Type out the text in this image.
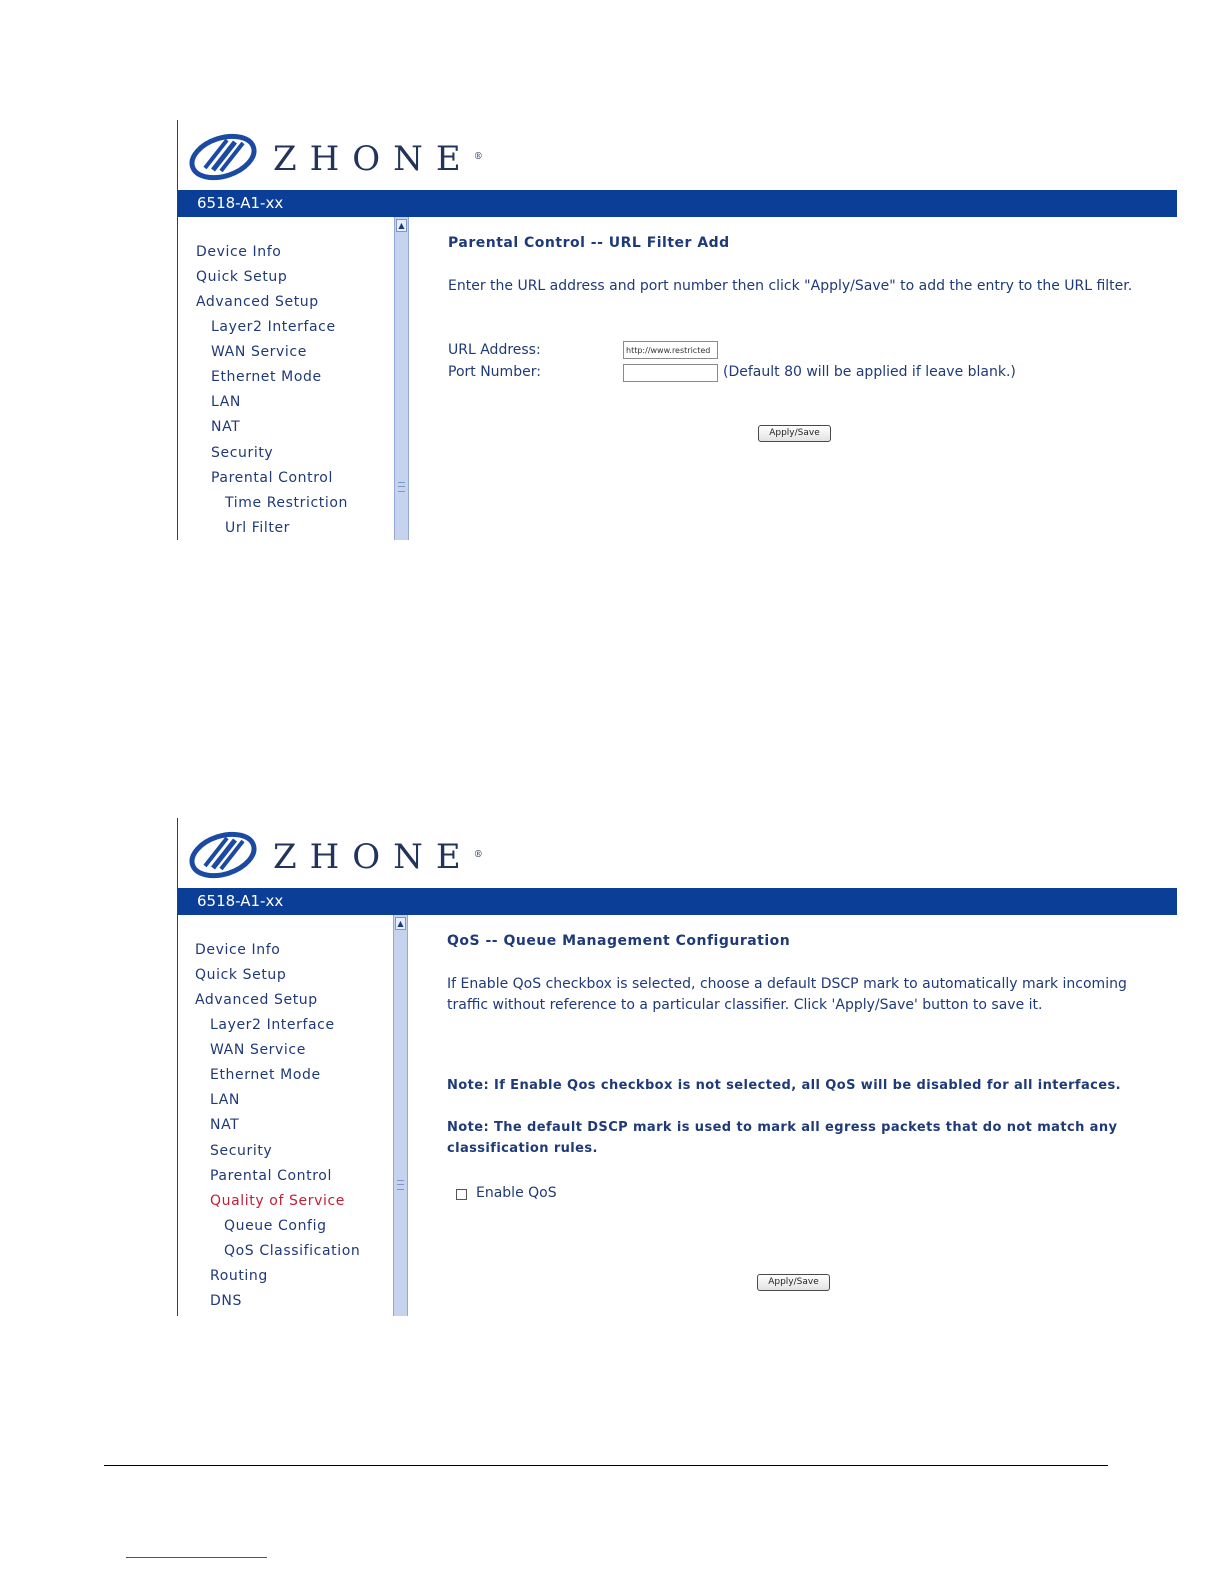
ZHONE®
6518-A1-xx
Device Info
Quick Setup
Advanced Setup
Layer2 Interface
WAN Service
Ethernet Mode
LAN
NAT
Security
Parental Control
Time Restriction
Url Filter
▲
Parental Control -- URL Filter Add
Enter the URL address and port number then click "Apply/Save" to add the entry to the URL filter.
URL Address:
http://www.restricted
Port Number:	(Default 80 will be applied if leave blank.)
Apply/Save
ZHONE®
6518-A1-xx
Device Info
Quick Setup
Advanced Setup
Layer2 Interface
WAN Service
Ethernet Mode
LAN
NAT
Security
Parental Control
Quality of Service
Queue Config
QoS Classification
Routing
DNS
▲
QoS -- Queue Management Configuration
If Enable QoS checkbox is selected, choose a default DSCP mark to automatically mark incoming
traffic without reference to a particular classifier. Click 'Apply/Save' button to save it.
Note: If Enable Qos checkbox is not selected, all QoS will be disabled for all interfaces.
Note: The default DSCP mark is used to mark all egress packets that do not match any
classification rules.
Enable QoS
Apply/Save
